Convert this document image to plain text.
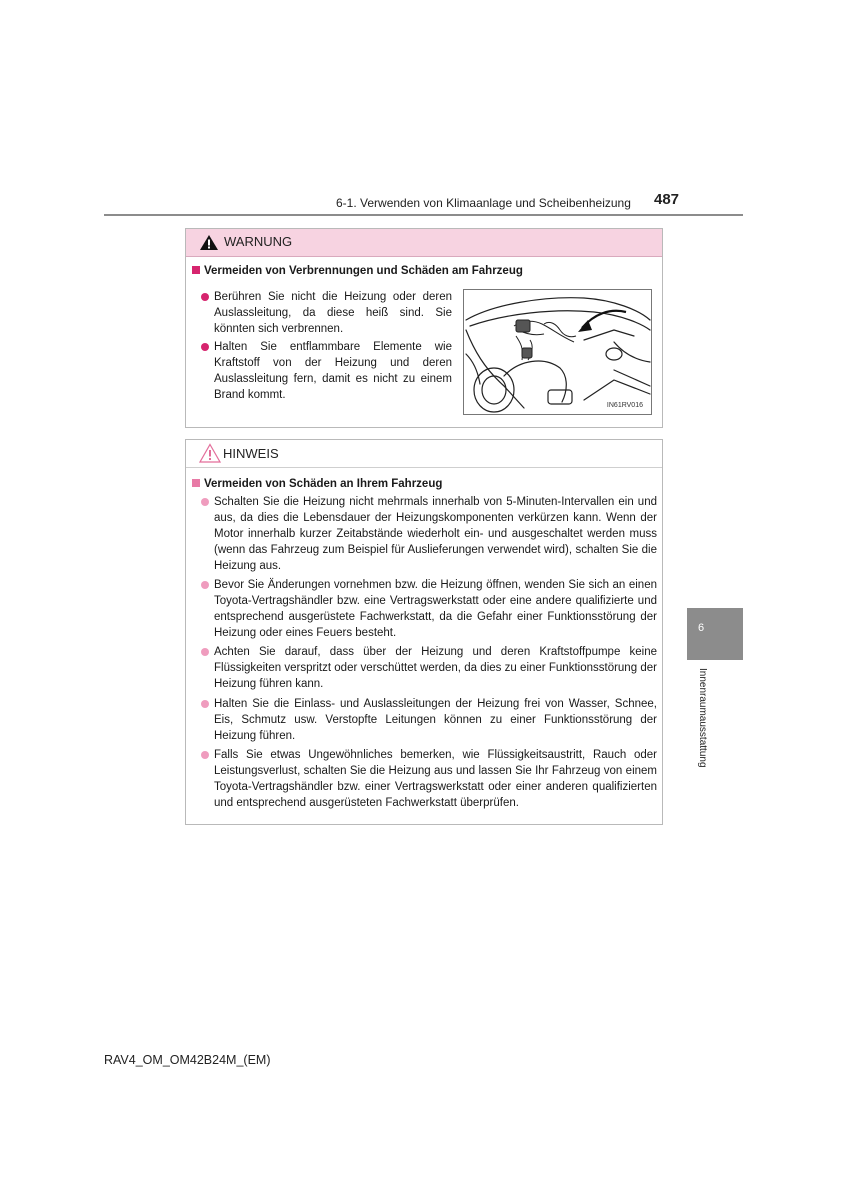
6-1. Verwenden von Klimaanlage und Scheibenheizung 487
WARNUNG
Vermeiden von Verbrennungen und Schäden am Fahrzeug
Berühren Sie nicht die Heizung oder deren Auslassleitung, da diese heiß sind. Sie könnten sich verbrennen.
Halten Sie entflammbare Elemente wie Kraftstoff von der Heizung und deren Auslassleitung fern, damit es nicht zu einem Brand kommt.
IN61RV016
HINWEIS
Vermeiden von Schäden an Ihrem Fahrzeug
Schalten Sie die Heizung nicht mehrmals innerhalb von 5-Minuten-Intervallen ein und aus, da dies die Lebensdauer der Heizungskomponenten verkürzen kann. Wenn der Motor innerhalb kurzer Zeitabstände wiederholt ein- und ausgeschaltet werden muss (wenn das Fahrzeug zum Beispiel für Auslieferungen verwendet wird), schalten Sie die Heizung aus.
Bevor Sie Änderungen vornehmen bzw. die Heizung öffnen, wenden Sie sich an einen Toyota-Vertragshändler bzw. eine Vertragswerkstatt oder eine andere qualifizierte und entsprechend ausgerüstete Fachwerkstatt, da die Gefahr einer Funktionsstörung der Heizung oder eines Feuers besteht.
Achten Sie darauf, dass über der Heizung und deren Kraftstoffpumpe keine Flüssigkeiten verspritzt oder verschüttet werden, da dies zu einer Funktionsstörung der Heizung führen kann.
Halten Sie die Einlass- und Auslassleitungen der Heizung frei von Wasser, Schnee, Eis, Schmutz usw. Verstopfte Leitungen können zu einer Funktionsstörung der Heizung führen.
Falls Sie etwas Ungewöhnliches bemerken, wie Flüssigkeitsaustritt, Rauch oder Leistungsverlust, schalten Sie die Heizung aus und lassen Sie Ihr Fahrzeug von einem Toyota-Vertragshändler bzw. einer Vertragswerkstatt oder einer anderen qualifizierten und entsprechend ausgerüsteten Fachwerkstatt überprüfen.
6
Innenraumausstattung
RAV4_OM_OM42B24M_(EM)
